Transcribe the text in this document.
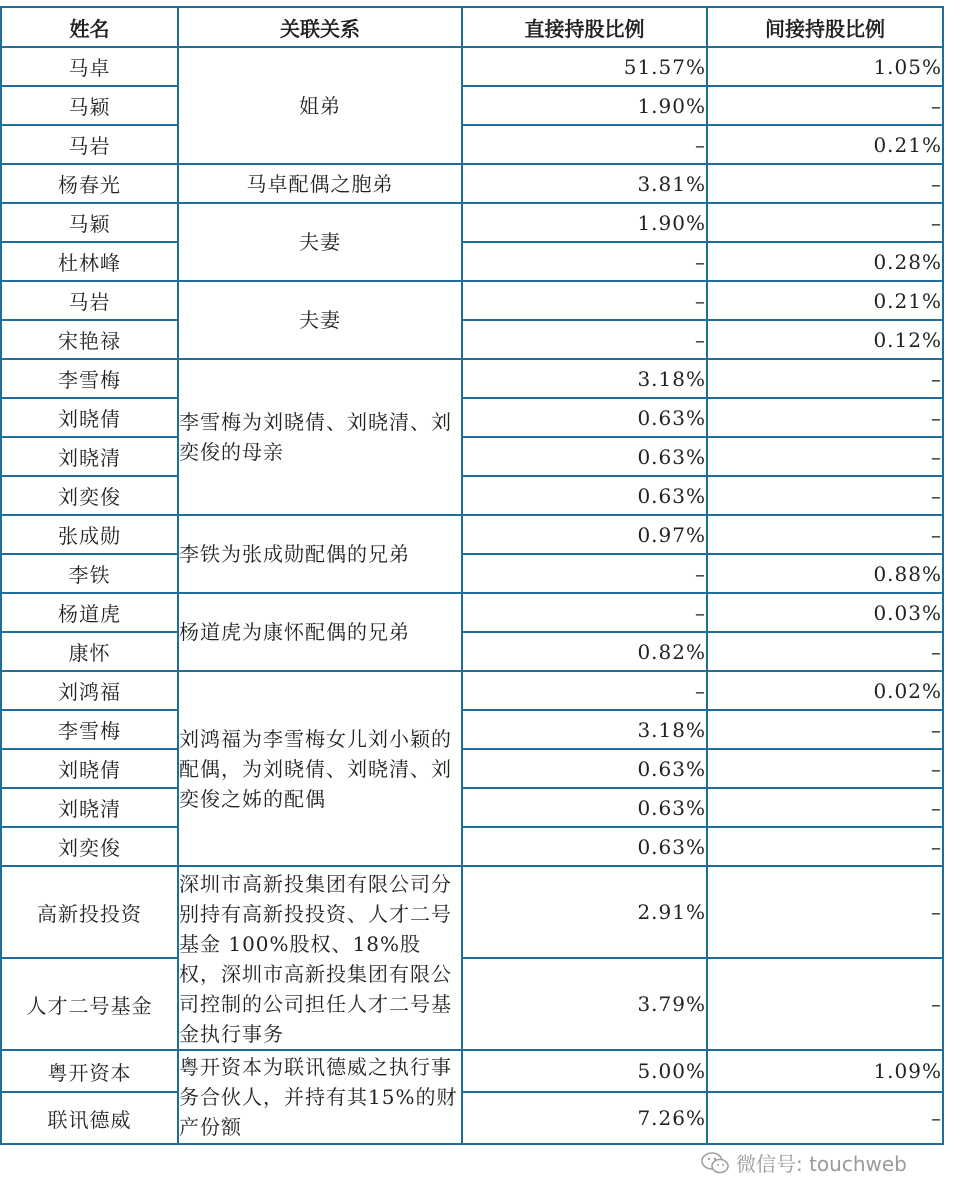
姓名	关联关系	直接持股比例	间接持股比例
马卓	姐弟	51.57%	1.05%
马颖		1.90%	–
马岩		–	0.21%
杨春光	马卓配偶之胞弟	3.81%	–
马颖	夫妻	1.90%	–
杜林峰		–	0.28%
马岩	夫妻	–	0.21%
宋艳禄		–	0.12%
李雪梅	李雪梅为刘晓倩、刘晓清、刘奕俊的母亲	3.18%	–
刘晓倩		0.63%	–
刘晓清		0.63%	–
刘奕俊		0.63%	–
张成勋	李铁为张成勋配偶的兄弟	0.97%	–
李铁		–	0.88%
杨道虎	杨道虎为康怀配偶的兄弟	–	0.03%
康怀		0.82%	–
刘鸿福	刘鸿福为李雪梅女儿刘小颖的配偶，为刘晓倩、刘晓清、刘奕俊之姊的配偶	–	0.02%
李雪梅		3.18%	–
刘晓倩		0.63%	–
刘晓清		0.63%	–
刘奕俊		0.63%	–
高新投投资	深圳市高新投集团有限公司分别持有高新投投资、人才二号基金 100%股权、18%股权，深圳市高新投集团有限公司控制的公司担任人才二号基金执行事务	2.91%	–
人才二号基金		3.79%	–
粤开资本	粤开资本为联讯德威之执行事务合伙人，并持有其15%的财产份额	5.00%	1.09%
联讯德威		7.26%	–
微信号: touchweb
